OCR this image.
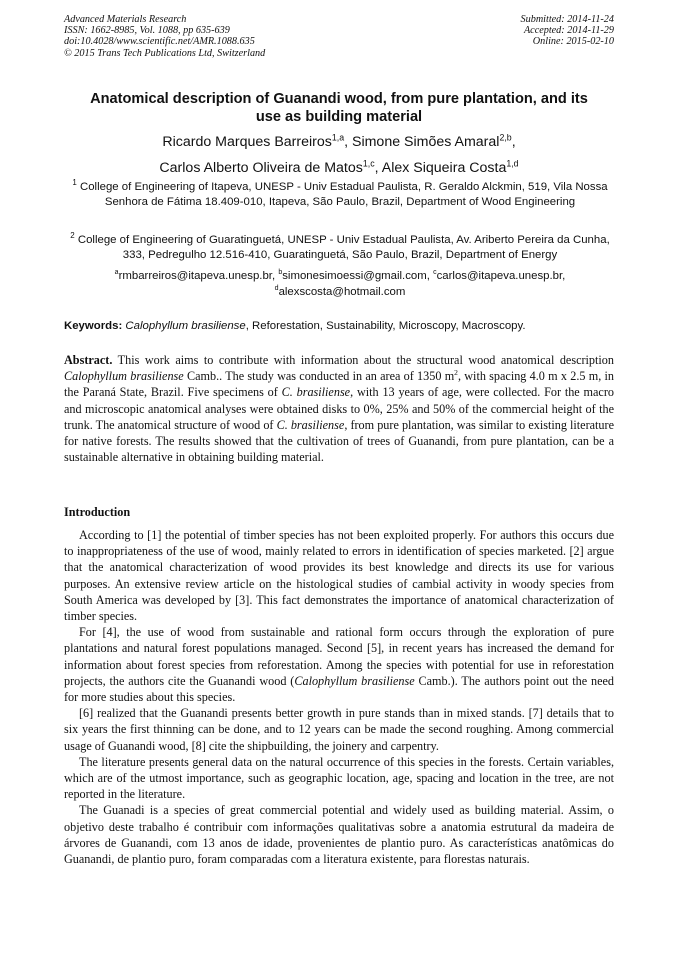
Advanced Materials Research
ISSN: 1662-8985, Vol. 1088, pp 635-639
doi:10.4028/www.scientific.net/AMR.1088.635
© 2015 Trans Tech Publications Ltd, Switzerland
Submitted: 2014-11-24
Accepted: 2014-11-29
Online: 2015-02-10
Anatomical description of Guanandi wood, from pure plantation, and its
use as building material
Ricardo Marques Barreiros$^{1,a}$, Simone Simões Amaral$^{2,b}$,
Carlos Alberto Oliveira de Matos$^{1,c}$, Alex Siqueira Costa$^{1,d}$
$^1$ College of Engineering of Itapeva, UNESP - Univ Estadual Paulista, R. Geraldo Alckmin, 519, Vila Nossa Senhora de Fátima 18.409-010, Itapeva, São Paulo, Brazil, Department of Wood Engineering
$^2$ College of Engineering of Guaratinguetá, UNESP - Univ Estadual Paulista, Av. Ariberto Pereira da Cunha, 333, Pedregulho 12.516-410, Guaratinguetá, São Paulo, Brazil, Department of Energy
$^a$rmbarreiros@itapeva.unesp.br, $^b$simonesimoessi@gmail.com, $^c$carlos@itapeva.unesp.br,
$^d$alexscosta@hotmail.com
Keywords: Calophyllum brasiliense, Reforestation, Sustainability, Microscopy, Macroscopy.
Abstract. This work aims to contribute with information about the structural wood anatomical description Calophyllum brasiliense Camb.. The study was conducted in an area of 1350 $m^2$, with spacing 4.0 m x 2.5 m, in the Paraná State, Brazil. Five specimens of C. brasiliense, with 13 years of age, were collected. For the macro and microscopic anatomical analyses were obtained disks to 0%, 25% and 50% of the commercial height of the trunk. The anatomical structure of wood of C. brasiliense, from pure plantation, was similar to existing literature for native forests. The results showed that the cultivation of trees of Guanandi, from pure plantation, can be a sustainable alternative in obtaining building material.
Introduction

According to [1] the potential of timber species has not been exploited properly. For authors this occurs due to inappropriateness of the use of wood, mainly related to errors in identification of species marketed. [2] argue that the anatomical characterization of wood provides its best knowledge and directs its use for various purposes. An extensive review article on the histological studies of cambial activity in woody species from South America was developed by [3]. This fact demonstrates the importance of anatomical characterization of timber species.

For [4], the use of wood from sustainable and rational form occurs through the exploration of pure plantations and natural forest populations managed. Second [5], in recent years has increased the demand for information about forest species from reforestation. Among the species with potential for use in reforestation projects, the authors cite the Guanandi wood (Calophyllum brasiliense Camb.). The authors point out the need for more studies about this species.

[6] realized that the Guanandi presents better growth in pure stands than in mixed stands. [7] details that to six years the first thinning can be done, and to 12 years can be made the second roughing. Among commercial usage of Guanandi wood, [8] cite the shipbuilding, the joinery and carpentry.

The literature presents general data on the natural occurrence of this species in the forests. Certain variables, which are of the utmost importance, such as geographic location, age, spacing and location in the tree, are not reported in the literature.

The Guanadi is a species of great commercial potential and widely used as building material. Assim, o objetivo deste trabalho é contribuir com informações qualitativas sobre a anatomia estrutural da madeira de árvores de Guanandi, com 13 anos de idade, provenientes de plantio puro. As características anatômicas do Guanandi, de plantio puro, foram comparadas com a literatura existente, para florestas naturais.
